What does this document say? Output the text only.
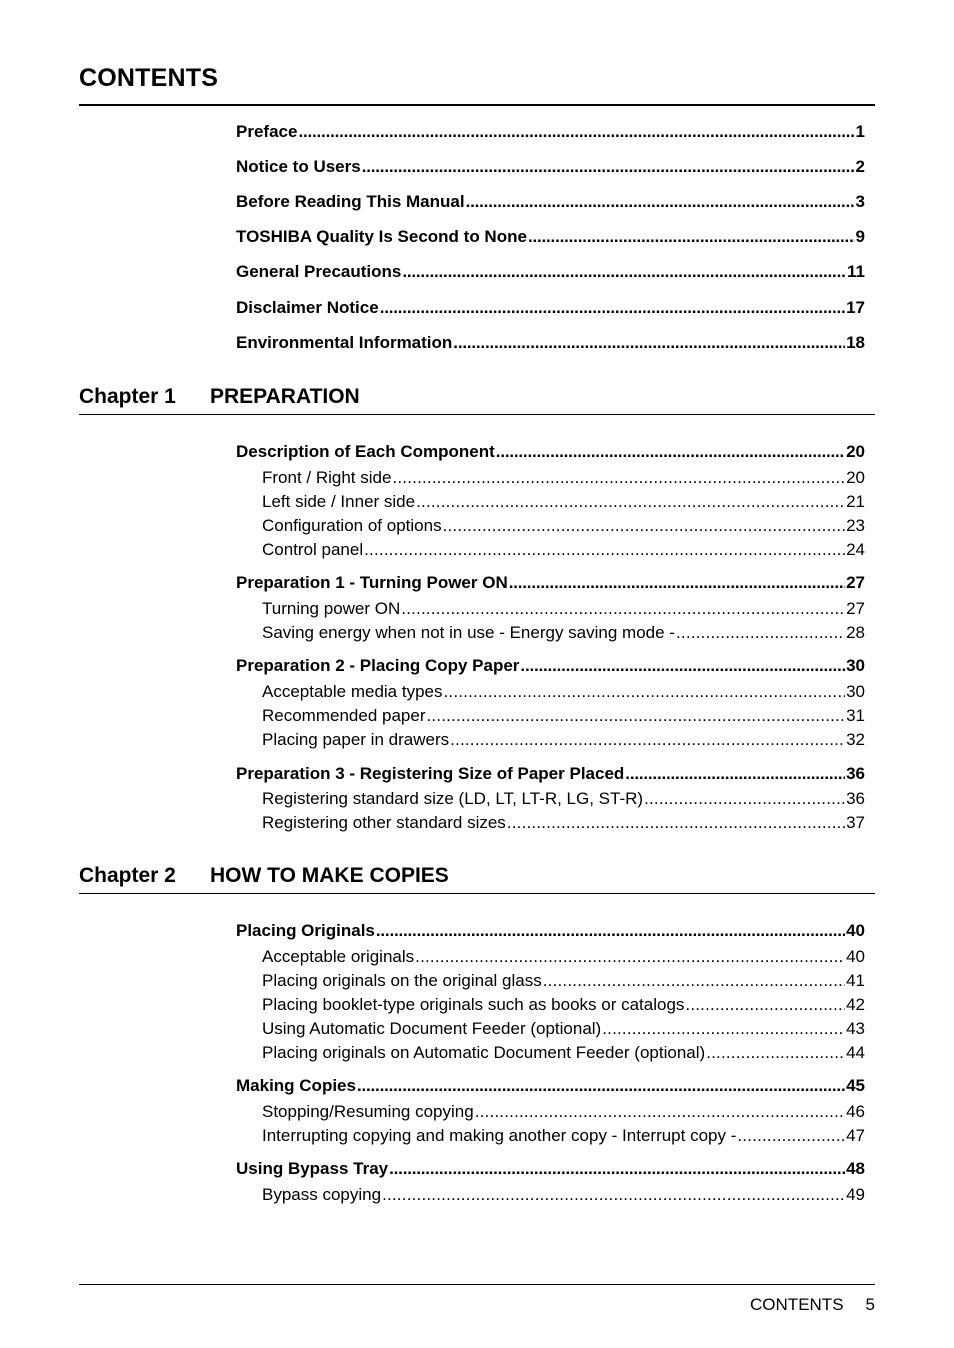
CONTENTS
Preface .....	1
Notice to Users .....	2
Before Reading This Manual .....	3
TOSHIBA Quality Is Second to None .....	9
General Precautions .....	11
Disclaimer Notice .....	17
Environmental Information .....	18
Chapter 1	PREPARATION
Description of Each Component .....	20
Front / Right side .....	20
Left side / Inner side .....	21
Configuration of options .....	23
Control panel .....	24
Preparation 1 - Turning Power ON .....	27
Turning power ON .....	27
Saving energy when not in use - Energy saving mode - .....	28
Preparation 2 - Placing Copy Paper .....	30
Acceptable media types .....	30
Recommended paper .....	31
Placing paper in drawers .....	32
Preparation 3 - Registering Size of Paper Placed .....	36
Registering standard size (LD, LT, LT-R, LG, ST-R) .....	36
Registering other standard sizes .....	37
Chapter 2	HOW TO MAKE COPIES
Placing Originals .....	40
Acceptable originals .....	40
Placing originals on the original glass .....	41
Placing booklet-type originals such as books or catalogs .....	42
Using Automatic Document Feeder (optional) .....	43
Placing originals on Automatic Document Feeder (optional) .....	44
Making Copies .....	45
Stopping/Resuming copying .....	46
Interrupting copying and making another copy - Interrupt copy - .....	47
Using Bypass Tray .....	48
Bypass copying .....	49
CONTENTS 5
